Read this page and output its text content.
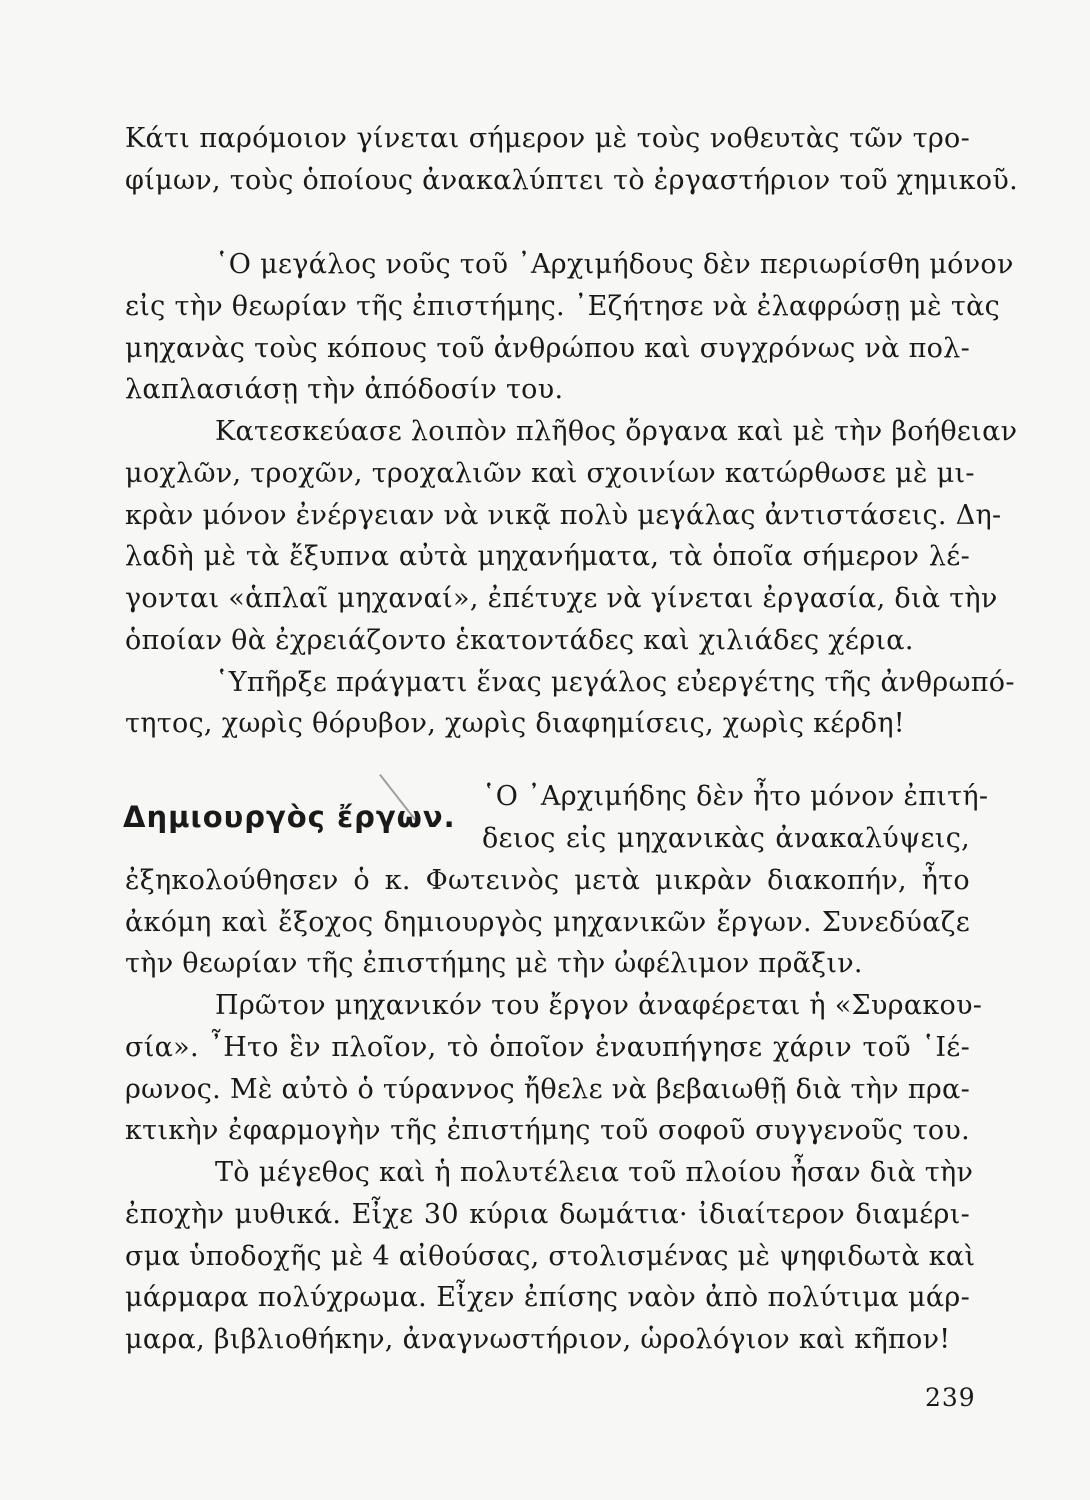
Κάτι παρόμοιον γίνεται σήμερον μὲ τοὺς νοθευτὰς τῶν τρο-
φίμων, τοὺς ὁποίους ἀνακαλύπτει τὸ ἐργαστήριον τοῦ χημικοῦ.
῾Ο μεγάλος νοῦς τοῦ ᾿Αρχιμήδους δὲν περιωρίσθη μόνον
εἰς τὴν θεωρίαν τῆς ἐπιστήμης. ᾿Εζήτησε νὰ ἐλαφρώσῃ μὲ τὰς
μηχανὰς τοὺς κόπους τοῦ ἀνθρώπου καὶ συγχρόνως νὰ πολ-
λαπλασιάσῃ τὴν ἀπόδοσίν του.
Κατεσκεύασε λοιπὸν πλῆθος ὄργανα καὶ μὲ τὴν βοήθειαν
μοχλῶν, τροχῶν, τροχαλιῶν καὶ σχοινίων κατώρθωσε μὲ μι-
κρὰν μόνον ἐνέργειαν νὰ νικᾷ πολὺ μεγάλας ἀντιστάσεις. Δη-
λαδὴ μὲ τὰ ἔξυπνα αὐτὰ μηχανήματα, τὰ ὁποῖα σήμερον λέ-
γονται «ἁπλαῖ μηχαναί», ἐπέτυχε νὰ γίνεται ἐργασία, διὰ τὴν
ὁποίαν θὰ ἐχρειάζοντο ἑκατοντάδες καὶ χιλιάδες χέρια.
῾Υπῆρξε πράγματι ἕνας μεγάλος εὐεργέτης τῆς ἀνθρωπό-
τητος, χωρὶς θόρυβον, χωρὶς διαφημίσεις, χωρὶς κέρδη!
Δημιουργὸς ἔργων.
῾Ο ᾿Αρχιμήδης δὲν ἦτο μόνον ἐπιτή-
δειος εἰς μηχανικὰς ἀνακαλύψεις,
ἐξηκολούθησεν ὁ κ. Φωτεινὸς μετὰ μικρὰν διακοπήν, ἦτο
ἀκόμη καὶ ἔξοχος δημιουργὸς μηχανικῶν ἔργων. Συνεδύαζε
τὴν θεωρίαν τῆς ἐπιστήμης μὲ τὴν ὠφέλιμον πρᾶξιν.
Πρῶτον μηχανικόν του ἔργον ἀναφέρεται ἡ «Συρακου-
σία». ῏Ητο ἓν πλοῖον, τὸ ὁποῖον ἐναυπήγησε χάριν τοῦ ῾Ιέ-
ρωνος. Μὲ αὐτὸ ὁ τύραννος ἤθελε νὰ βεβαιωθῇ διὰ τὴν πρα-
κτικὴν ἐφαρμογὴν τῆς ἐπιστήμης τοῦ σοφοῦ συγγενοῦς του.
Τὸ μέγεθος καὶ ἡ πολυτέλεια τοῦ πλοίου ἦσαν διὰ τὴν
ἐποχὴν μυθικά. Εἶχε 30 κύρια δωμάτια· ἰδιαίτερον διαμέρι-
σμα ὑποδοχῆς μὲ 4 αἰθούσας, στολισμένας μὲ ψηφιδωτὰ καὶ
μάρμαρα πολύχρωμα. Εἶχεν ἐπίσης ναὸν ἀπὸ πολύτιμα μάρ-
μαρα, βιβλιοθήκην, ἀναγνωστήριον, ὡρολόγιον καὶ κῆπον!
239
